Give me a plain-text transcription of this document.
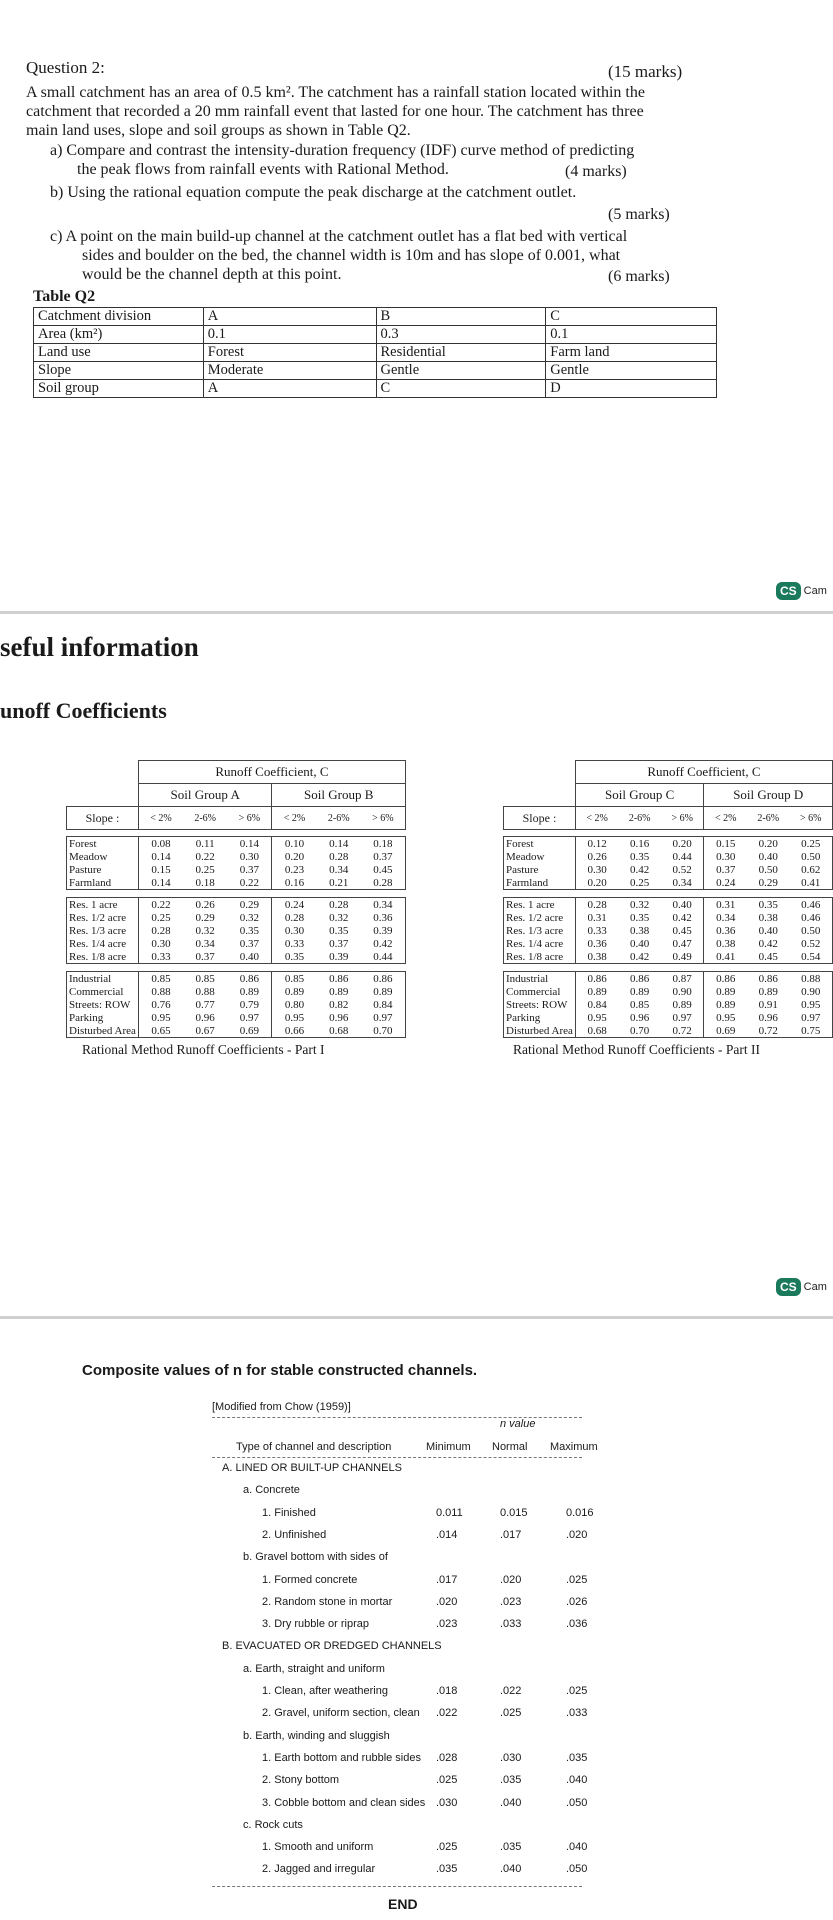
Question 2:	(15 marks)
A small catchment has an area of 0.5 km². The catchment has a rainfall station located within the
catchment that recorded a 20 mm rainfall event that lasted for one hour. The catchment has three
main land uses, slope and soil groups as shown in Table Q2.
a) Compare and contrast the intensity-duration frequency (IDF) curve method of predicting
the peak flows from rainfall events with Rational Method.	(4 marks)
b) Using the rational equation compute the peak discharge at the catchment outlet.
(5 marks)
c) A point on the main build-up channel at the catchment outlet has a flat bed with vertical
sides and boulder on the bed, the channel width is 10m and has slope of 0.001, what
would be the channel depth at this point.	(6 marks)
Table Q2
Catchment division	A	B	C
Area (km²)	0.1	0.3	0.1
Land use	Forest	Residential	Farm land
Slope	Moderate	Gentle	Gentle
Soil group	A	C	D
CS Cam
seful information
unoff Coefficients
	Runoff Coefficient, C					
	Soil Group A			Soil Group B		
Slope :	< 2%	2-6%	> 6%	< 2%	2-6%	> 6%

Forest	0.08	0.11	0.14	0.10	0.14	0.18
Meadow	0.14	0.22	0.30	0.20	0.28	0.37
Pasture	0.15	0.25	0.37	0.23	0.34	0.45
Farmland	0.14	0.18	0.22	0.16	0.21	0.28

Res. 1 acre	0.22	0.26	0.29	0.24	0.28	0.34
Res. 1/2 acre	0.25	0.29	0.32	0.28	0.32	0.36
Res. 1/3 acre	0.28	0.32	0.35	0.30	0.35	0.39
Res. 1/4 acre	0.30	0.34	0.37	0.33	0.37	0.42
Res. 1/8 acre	0.33	0.37	0.40	0.35	0.39	0.44

Industrial	0.85	0.85	0.86	0.85	0.86	0.86
Commercial	0.88	0.88	0.89	0.89	0.89	0.89
Streets: ROW	0.76	0.77	0.79	0.80	0.82	0.84
Parking	0.95	0.96	0.97	0.95	0.96	0.97
Disturbed Area	0.65	0.67	0.69	0.66	0.68	0.70
Rational Method Runoff Coefficients - Part I
	Runoff Coefficient, C					
	Soil Group C			Soil Group D		
Slope :	< 2%	2-6%	> 6%	< 2%	2-6%	> 6%

Forest	0.12	0.16	0.20	0.15	0.20	0.25
Meadow	0.26	0.35	0.44	0.30	0.40	0.50
Pasture	0.30	0.42	0.52	0.37	0.50	0.62
Farmland	0.20	0.25	0.34	0.24	0.29	0.41

Res. 1 acre	0.28	0.32	0.40	0.31	0.35	0.46
Res. 1/2 acre	0.31	0.35	0.42	0.34	0.38	0.46
Res. 1/3 acre	0.33	0.38	0.45	0.36	0.40	0.50
Res. 1/4 acre	0.36	0.40	0.47	0.38	0.42	0.52
Res. 1/8 acre	0.38	0.42	0.49	0.41	0.45	0.54

Industrial	0.86	0.86	0.87	0.86	0.86	0.88
Commercial	0.89	0.89	0.90	0.89	0.89	0.90
Streets: ROW	0.84	0.85	0.89	0.89	0.91	0.95
Parking	0.95	0.96	0.97	0.95	0.96	0.97
Disturbed Area	0.68	0.70	0.72	0.69	0.72	0.75
Rational Method Runoff Coefficients - Part II
CS Cam
Composite values of n for stable constructed channels.
[Modified from Chow (1959)]
n value
Type of channel and description	Minimum Normal Maximum
A. LINED OR BUILT-UP CHANNELS
a. Concrete
1. Finished	0.011	0.015	0.016
2. Unfinished	.014	.017	.020
b. Gravel bottom with sides of
1. Formed concrete	.017	.020	.025
2. Random stone in mortar	.020	.023	.026
3. Dry rubble or riprap	.023	.033	.036
B. EVACUATED OR DREDGED CHANNELS
a. Earth, straight and uniform
1. Clean, after weathering	.018	.022	.025
2. Gravel, uniform section, clean .022	.025	.033
b. Earth, winding and sluggish
1. Earth bottom and rubble sides .028	.030	.035
2. Stony bottom	.025	.035	.040
3. Cobble bottom and clean sides .030	.040	.050
c. Rock cuts
1. Smooth and uniform	.025	.035	.040
2. Jagged and irregular	.035	.040	.050
END
